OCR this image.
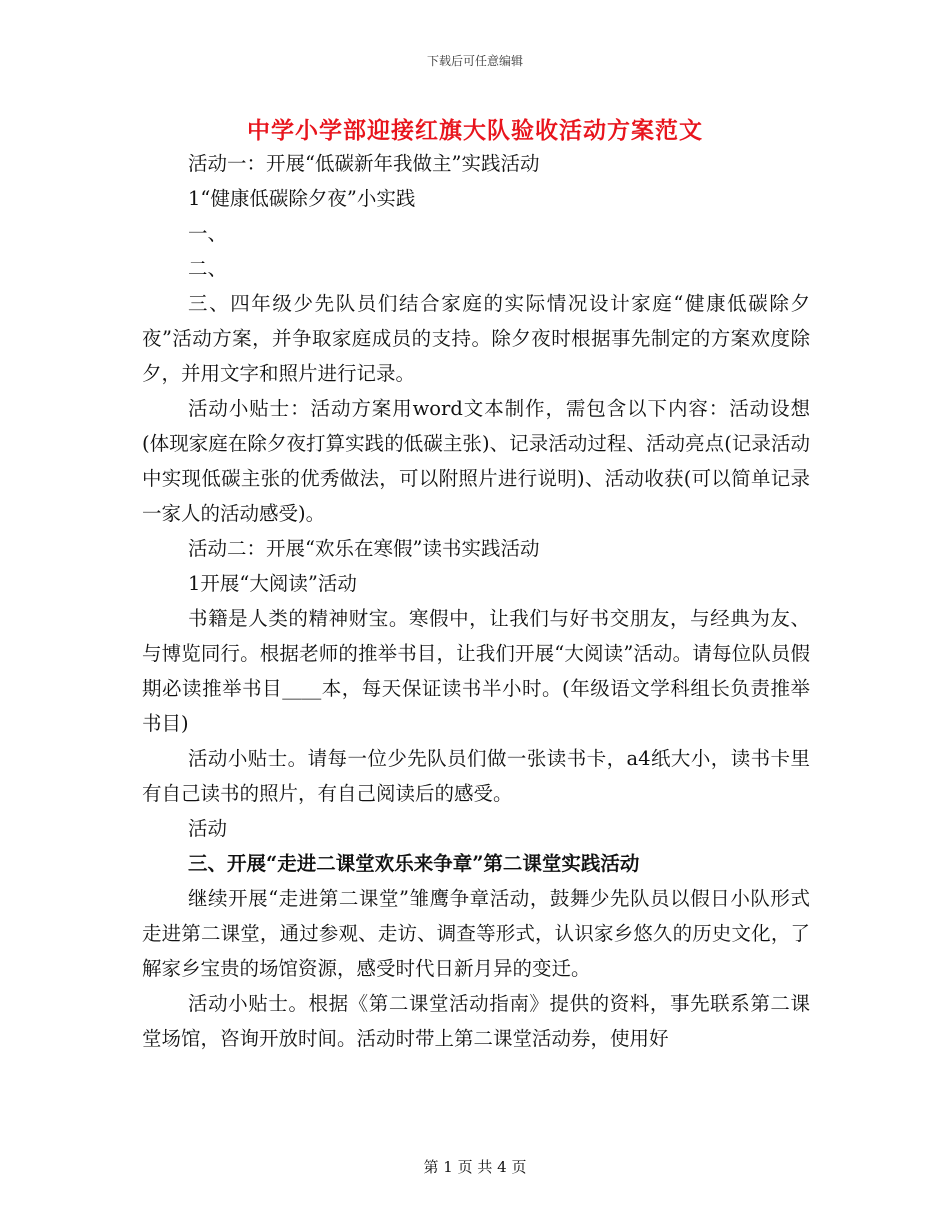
下载后可任意编辑
中学小学部迎接红旗大队验收活动方案范文

活动一：开展“低碳新年我做主”实践活动

1“健康低碳除夕夜”小实践

一、

二、

三、四年级少先队员们结合家庭的实际情况设计家庭“健康低碳除夕夜”活动方案，并争取家庭成员的支持。除夕夜时根据事先制定的方案欢度除夕，并用文字和照片进行记录。

活动小贴士：活动方案用word文本制作，需包含以下内容：活动设想(体现家庭在除夕夜打算实践的低碳主张)、记录活动过程、活动亮点(记录活动中实现低碳主张的优秀做法，可以附照片进行说明)、活动收获(可以简单记录一家人的活动感受)。

活动二：开展“欢乐在寒假”读书实践活动

1开展“大阅读”活动

书籍是人类的精神财宝。寒假中，让我们与好书交朋友，与经典为友、与博览同行。根据老师的推举书目，让我们开展“大阅读”活动。请每位队员假期必读推举书目____本，每天保证读书半小时。(年级语文学科组长负责推举书目)

活动小贴士。请每一位少先队员们做一张读书卡，a4纸大小，读书卡里有自己读书的照片，有自己阅读后的感受。

活动

三、开展“走进二课堂欢乐来争章”第二课堂实践活动

继续开展“走进第二课堂”雏鹰争章活动，鼓舞少先队员以假日小队形式走进第二课堂，通过参观、走访、调查等形式，认识家乡悠久的历史文化，了解家乡宝贵的场馆资源，感受时代日新月异的变迁。

活动小贴士。根据《第二课堂活动指南》提供的资料，事先联系第二课堂场馆，咨询开放时间。活动时带上第二课堂活动券，使用好

第 1 页 共 4 页
